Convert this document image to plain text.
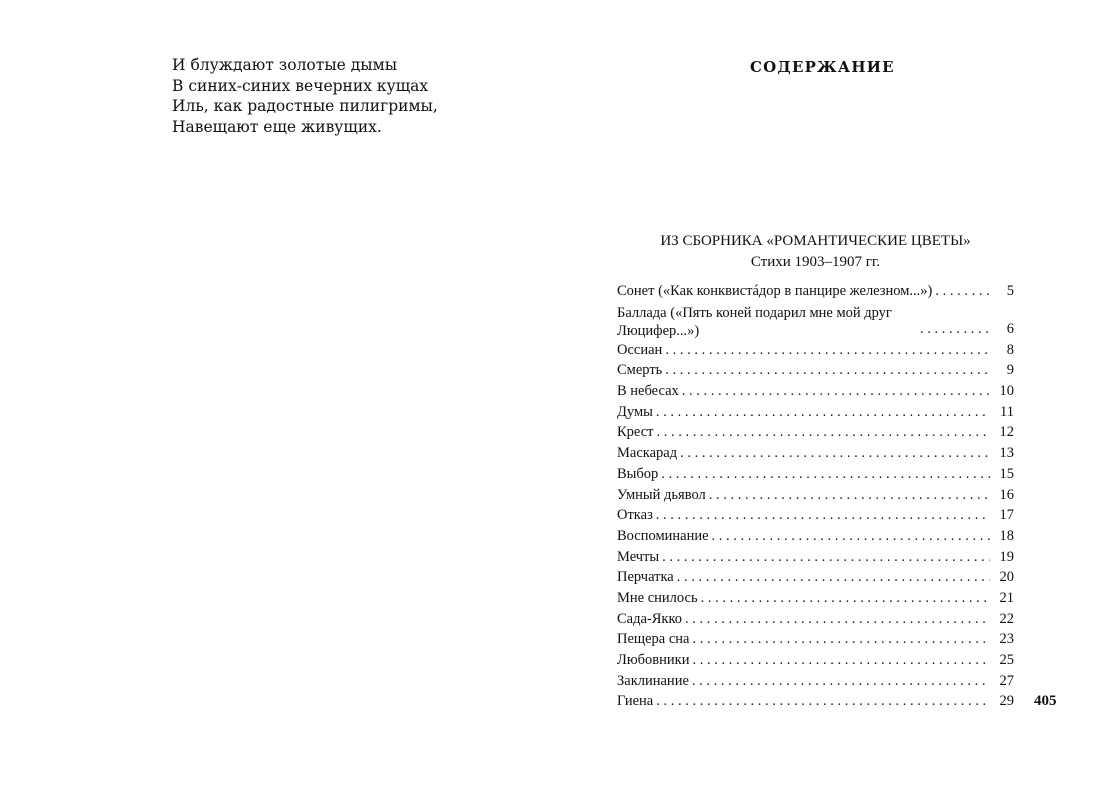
И блуждают золотые дымы
В синих-синих вечерних кущах
Иль, как радостные пилигримы,
Навещают еще живущих.
СОДЕРЖАНИЕ
ИЗ СБОРНИКА «РОМАНТИЧЕСКИЕ ЦВЕТЫ»
Стихи 1903–1907 гг.
Сонет («Как конквистáдор в панцире железном...») . . .	5
Баллада («Пять коней подарил мне мой друг Люцифер...») . . .	6
Оссиан . . .	8
Смерть . . .	9
В небесах . . .	10
Думы . . .	11
Крест . . .	12
Маскарад . . .	13
Выбор . . .	15
Умный дьявол . . .	16
Отказ . . .	17
Воспоминание . . .	18
Мечты . . .	19
Перчатка . . .	20
Мне снилось . . .	21
Сада-Якко . . .	22
Пещера сна . . .	23
Любовники . . .	25
Заклинание . . .	27
Гиена . . .	29 405
